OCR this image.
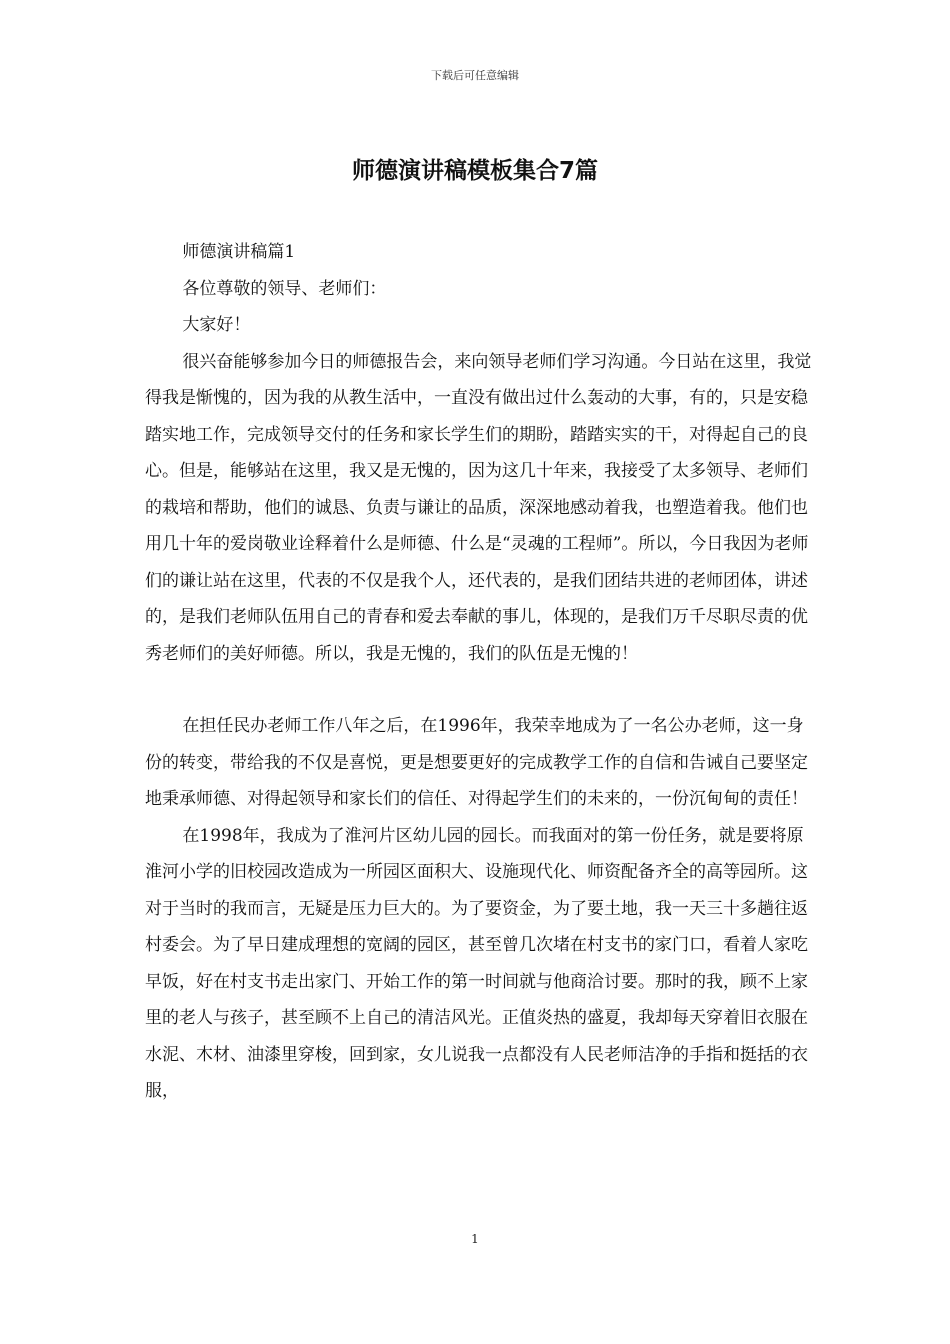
下载后可任意编辑
师德演讲稿模板集合7篇

师德演讲稿篇1

各位尊敬的领导、老师们：

大家好！

很兴奋能够参加今日的师德报告会，来向领导老师们学习沟通。今日站在这里，我觉得我是惭愧的，因为我的从教生活中，一直没有做出过什么轰动的大事，有的，只是安稳踏实地工作，完成领导交付的任务和家长学生们的期盼，踏踏实实的干，对得起自己的良心。但是，能够站在这里，我又是无愧的，因为这几十年来，我接受了太多领导、老师们的栽培和帮助，他们的诚恳、负责与谦让的品质，深深地感动着我，也塑造着我。他们也用几十年的爱岗敬业诠释着什么是师德、什么是“灵魂的工程师”。所以，今日我因为老师们的谦让站在这里，代表的不仅是我个人，还代表的，是我们团结共进的老师团体，讲述的，是我们老师队伍用自己的青春和爱去奉献的事儿，体现的，是我们万千尽职尽责的优秀老师们的美好师德。所以，我是无愧的，我们的队伍是无愧的！

在担任民办老师工作八年之后，在1996年，我荣幸地成为了一名公办老师，这一身份的转变，带给我的不仅是喜悦，更是想要更好的完成教学工作的自信和告诫自己要坚定地秉承师德、对得起领导和家长们的信任、对得起学生们的未来的，一份沉甸甸的责任！

在1998年，我成为了淮河片区幼儿园的园长。而我面对的第一份任务，就是要将原淮河小学的旧校园改造成为一所园区面积大、设施现代化、师资配备齐全的高等园所。这对于当时的我而言，无疑是压力巨大的。为了要资金，为了要土地，我一天三十多趟往返村委会。为了早日建成理想的宽阔的园区，甚至曾几次堵在村支书的家门口，看着人家吃早饭，好在村支书走出家门、开始工作的第一时间就与他商洽讨要。那时的我，顾不上家里的老人与孩子，甚至顾不上自己的清洁风光。正值炎热的盛夏，我却每天穿着旧衣服在水泥、木材、油漆里穿梭，回到家，女儿说我一点都没有人民老师洁净的手指和挺括的衣服，

1
